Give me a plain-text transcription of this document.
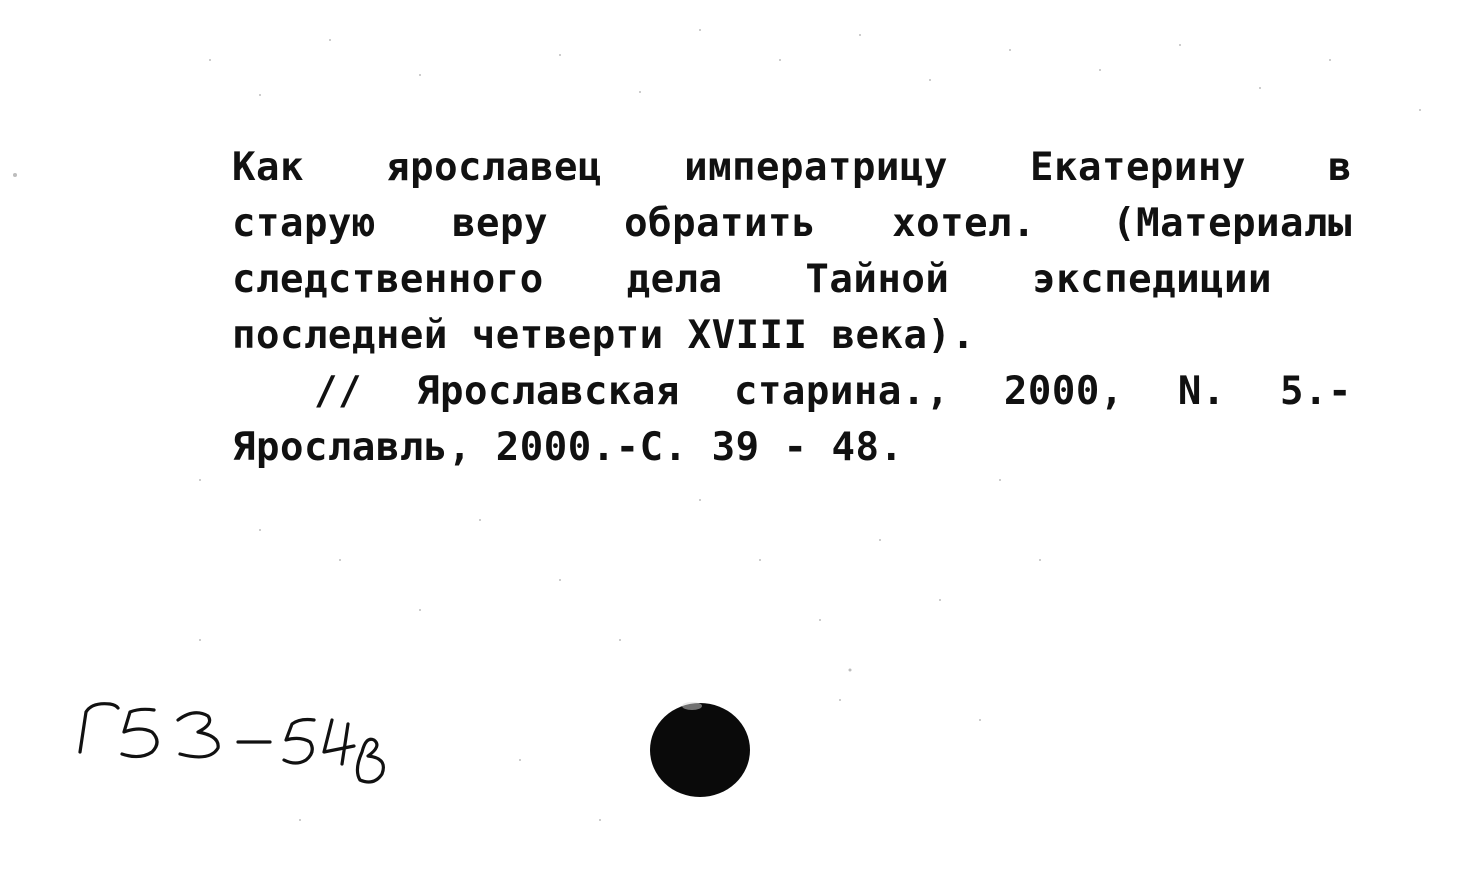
Как ярославец императрицу Екатерину в
старую веру обратить хотел. (Материалы
следственного дела Тайной экспедиции
последней четверти XVIII века).
// Ярославская старина., 2000, N. 5.-
Ярославль, 2000.-С. 39 - 48.
